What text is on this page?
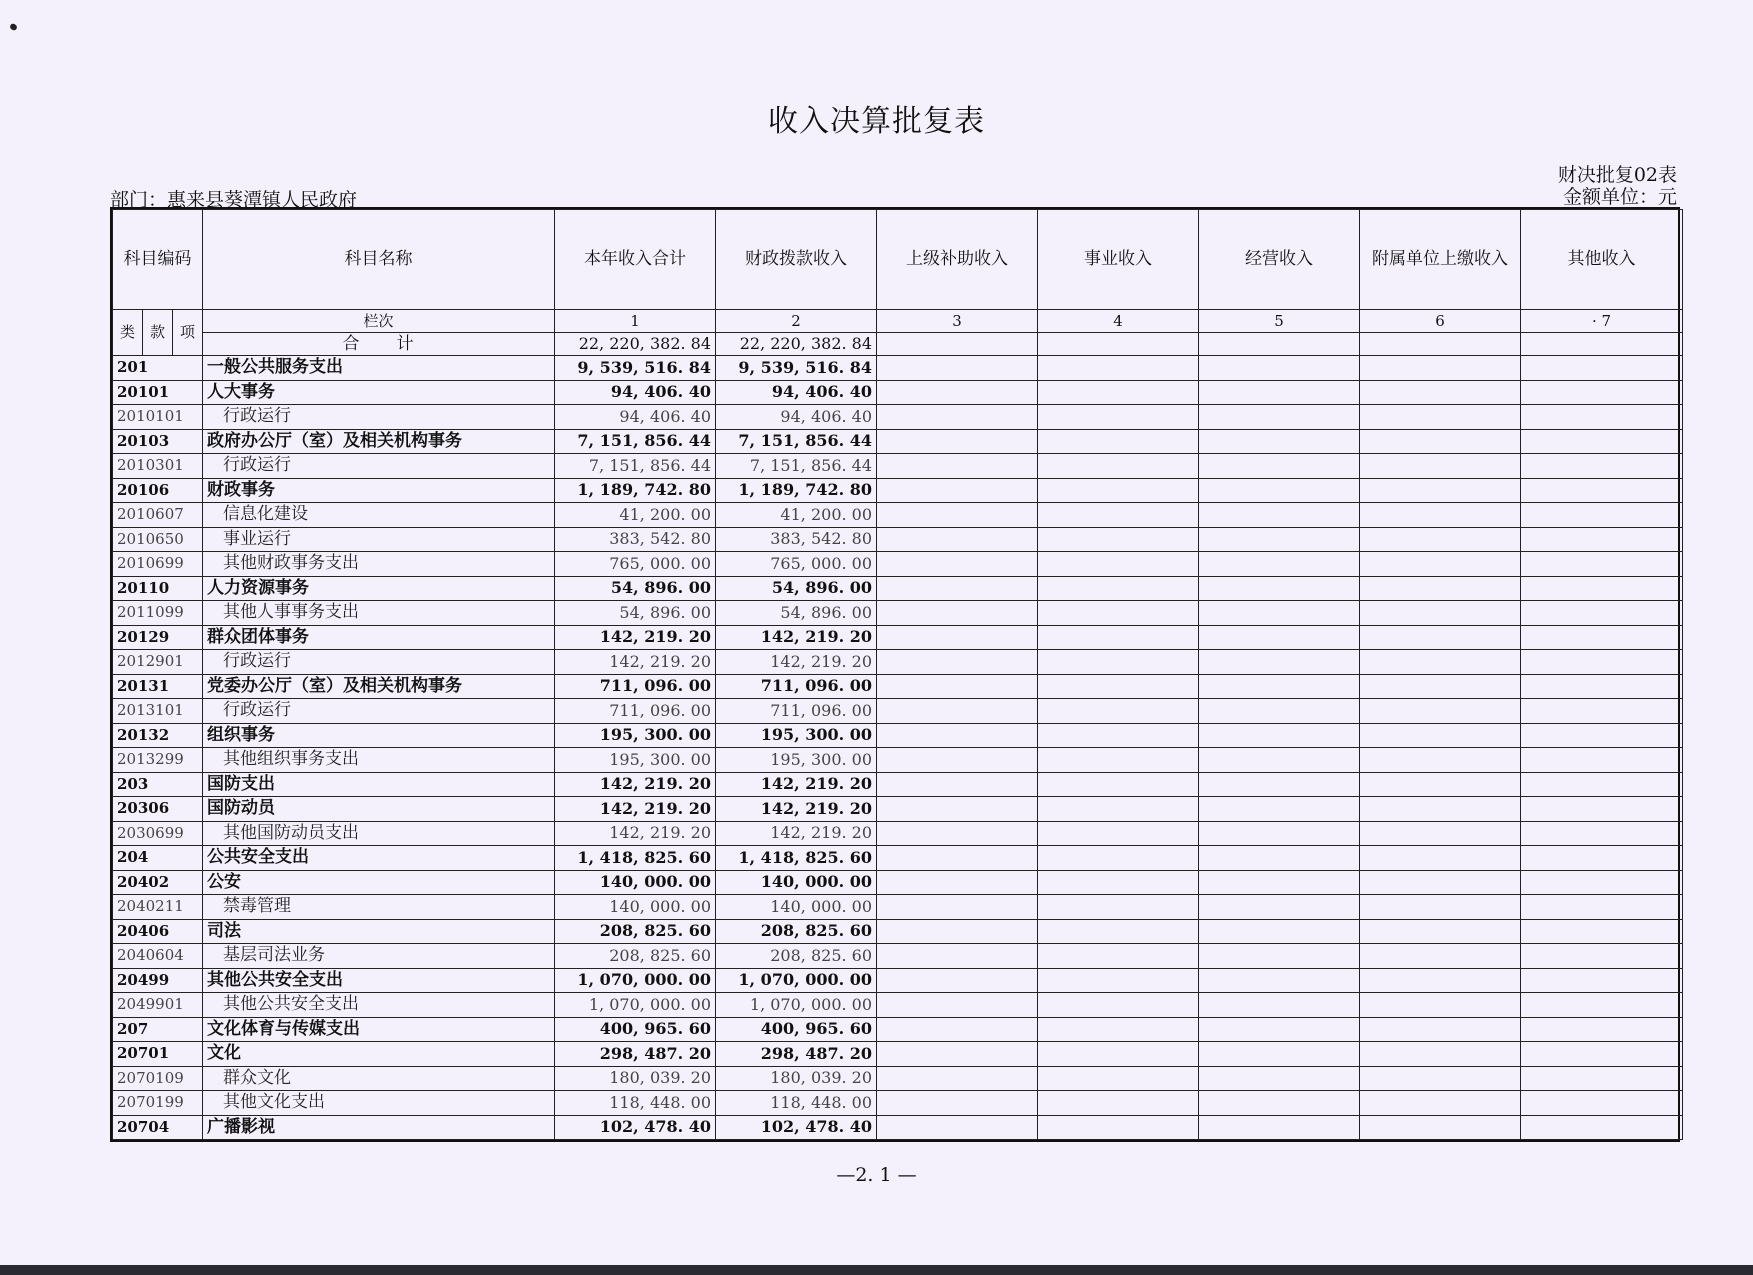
收入决算批复表
财决批复02表
金额单位：元
部门：惠来县葵潭镇人民政府
科目编码			科目名称	本年收入合计	财政拨款收入	上级补助收入	事业收入	经营收入	附属单位上缴收入	其他收入
类	款	项	栏次	1	2	3	4	5	6	· 7
			合　　计	22, 220, 382. 84	22, 220, 382. 84					
201			一般公共服务支出	9, 539, 516. 84	9, 539, 516. 84					
20101			人大事务	94, 406. 40	94, 406. 40					
2010101			行政运行	94, 406. 40	94, 406. 40					
20103			政府办公厅（室）及相关机构事务	7, 151, 856. 44	7, 151, 856. 44					
2010301			行政运行	7, 151, 856. 44	7, 151, 856. 44					
20106			财政事务	1, 189, 742. 80	1, 189, 742. 80					
2010607			信息化建设	41, 200. 00	41, 200. 00					
2010650			事业运行	383, 542. 80	383, 542. 80					
2010699			其他财政事务支出	765, 000. 00	765, 000. 00					
20110			人力资源事务	54, 896. 00	54, 896. 00					
2011099			其他人事事务支出	54, 896. 00	54, 896. 00					
20129			群众团体事务	142, 219. 20	142, 219. 20					
2012901			行政运行	142, 219. 20	142, 219. 20					
20131			党委办公厅（室）及相关机构事务	711, 096. 00	711, 096. 00					
2013101			行政运行	711, 096. 00	711, 096. 00					
20132			组织事务	195, 300. 00	195, 300. 00					
2013299			其他组织事务支出	195, 300. 00	195, 300. 00					
203			国防支出	142, 219. 20	142, 219. 20					
20306			国防动员	142, 219. 20	142, 219. 20					
2030699			其他国防动员支出	142, 219. 20	142, 219. 20					
204			公共安全支出	1, 418, 825. 60	1, 418, 825. 60					
20402			公安	140, 000. 00	140, 000. 00					
2040211			禁毒管理	140, 000. 00	140, 000. 00					
20406			司法	208, 825. 60	208, 825. 60					
2040604			基层司法业务	208, 825. 60	208, 825. 60					
20499			其他公共安全支出	1, 070, 000. 00	1, 070, 000. 00					
2049901			其他公共安全支出	1, 070, 000. 00	1, 070, 000. 00					
207			文化体育与传媒支出	400, 965. 60	400, 965. 60					
20701			文化	298, 487. 20	298, 487. 20					
2070109			群众文化	180, 039. 20	180, 039. 20					
2070199			其他文化支出	118, 448. 00	118, 448. 00					
20704			广播影视	102, 478. 40	102, 478. 40					
—2. 1 —
